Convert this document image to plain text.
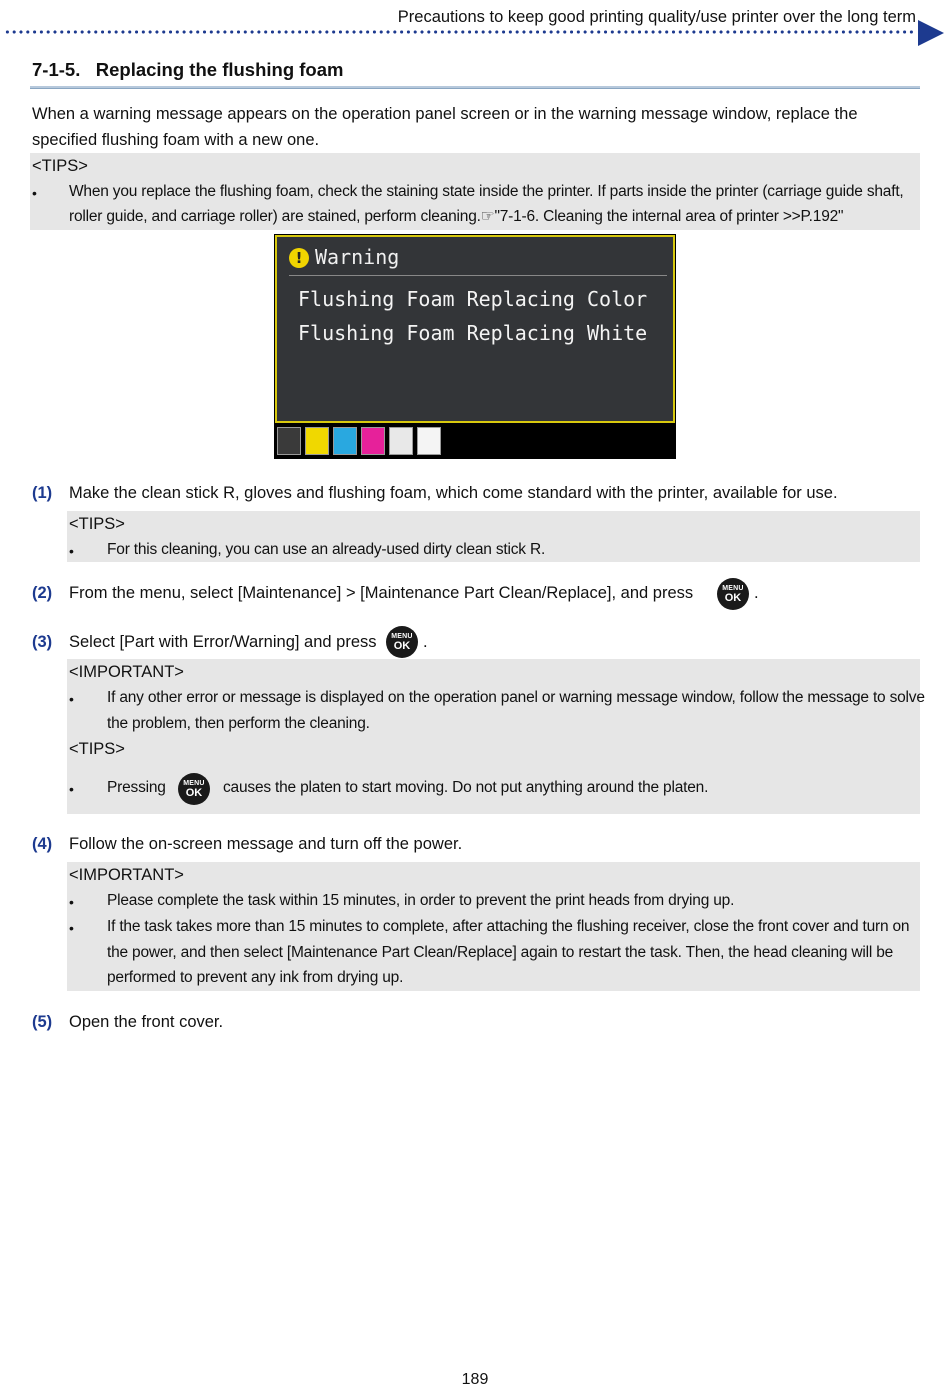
Precautions to keep good printing quality/use printer over the long term
7-1-5. Replacing the flushing foam
When a warning message appears on the operation panel screen or in the warning message window, replace the
specified flushing foam with a new one.
<TIPS>
• When you replace the flushing foam, check the staining state inside the printer. If parts inside the printer (carriage guide shaft,
roller guide, and carriage roller) are stained, perform cleaning.☞"7-1-6. Cleaning the internal area of printer >>P.192"
! Warning
Flushing Foam Replacing Color
Flushing Foam Replacing White
(1) Make the clean stick R, gloves and flushing foam, which come standard with the printer, available for use.
<TIPS>
• For this cleaning, you can use an already-used dirty clean stick R.
(2) From the menu, select [Maintenance] > [Maintenance Part Clean/Replace], and press	MENU
OK .
(3) Select [Part with Error/Warning] and press MENU
OK .
<IMPORTANT>
• If any other error or message is displayed on the operation panel or warning message window, follow the message to solve
the problem, then perform the cleaning.
<TIPS>
• Pressing	MENU
OK causes the platen to start moving. Do not put anything around the platen.
(4) Follow the on-screen message and turn off the power.
<IMPORTANT>
• Please complete the task within 15 minutes, in order to prevent the print heads from drying up.
• If the task takes more than 15 minutes to complete, after attaching the flushing receiver, close the front cover and turn on
the power, and then select [Maintenance Part Clean/Replace] again to restart the task. Then, the head cleaning will be
performed to prevent any ink from drying up.
(5) Open the front cover.
189
